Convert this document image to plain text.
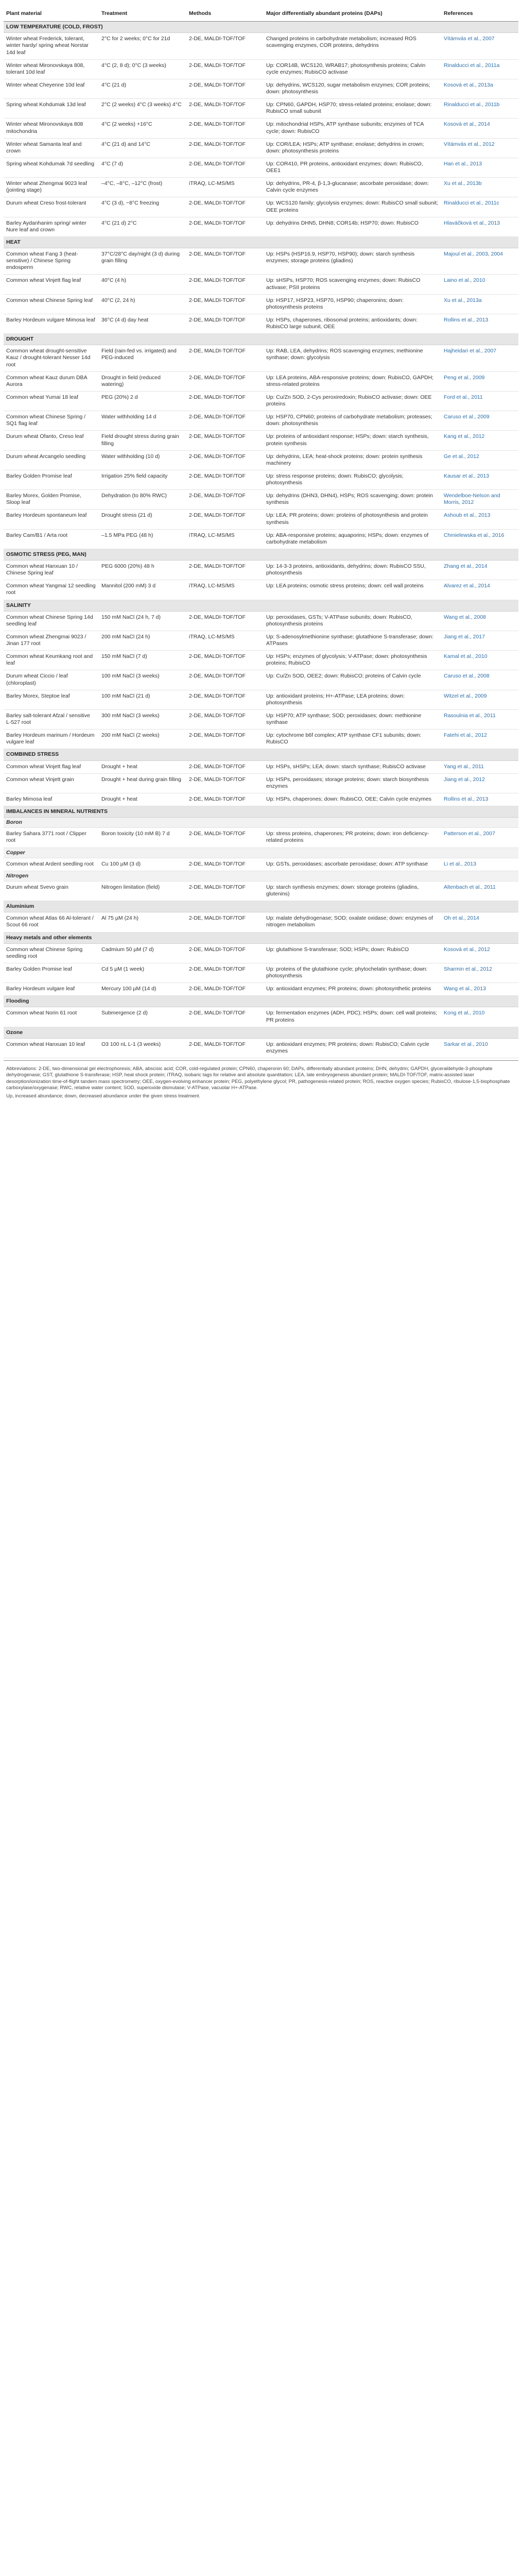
Plant material	Treatment	Methods	Major differentially abundant proteins (DAPs)	References
LOW TEMPERATURE (COLD, FROST)				
Winter wheat Frederick, tolerant, winter hardy/ spring wheat Norstar 14d leaf	2°C for 2 weeks; 0°C for 21d	2-DE, MALDI-TOF/TOF	Changed proteins in carbohydrate metabolism; increased ROS scavenging enzymes, COR proteins, dehydrins	Vítámvás et al., 2007
Winter wheat Mironovskaya 808, tolerant 10d leaf	4°C (2, 8 d); 0°C (3 weeks)	2-DE, MALDI-TOF/TOF	Up: COR14B, WCS120, WRAB17; photosynthesis proteins; Calvin cycle enzymes; RubisCO activase	Rinalducci et al., 2011a
Winter wheat Cheyenne 10d leaf	4°C (21 d)	2-DE, MALDI-TOF/TOF	Up: dehydrins, WCS120, sugar metabolism enzymes; COR proteins; down: photosynthesis	Kosová et al., 2013a
Spring wheat Kohdumak 13d leaf	2°C (2 weeks) 4°C (3 weeks) 4°C	2-DE, MALDI-TOF/TOF	Up: CPN60, GAPDH, HSP70; stress-related proteins; enolase; down: RubisCO small subunit	Rinalducci et al., 2011b
Winter wheat Mironovskaya 808 mitochondria	4°C (2 weeks) +16°C	2-DE, MALDI-TOF/TOF	Up: mitochondrial HSPs, ATP synthase subunits; enzymes of TCA cycle; down: RubisCO	Kosová et al., 2014
Winter wheat Samanta leaf and crown	4°C (21 d) and 14°C	2-DE, MALDI-TOF/TOF	Up: COR/LEA; HSPs; ATP synthase; enolase; dehydrins in crown; down: photosynthesis proteins	Vítámvás et al., 2012
Spring wheat Kohdumak 7d seedling	4°C (7 d)	2-DE, MALDI-TOF/TOF	Up: COR410, PR proteins, antioxidant enzymes; down: RubisCO, OEE1	Han et al., 2013
Winter wheat Zhengmai 9023 leaf (jointing stage)	–4°C, –8°C, –12°C (frost)	iTRAQ, LC-MS/MS	Up: dehydrins, PR-4, β-1,3-glucanase; ascorbate peroxidase; down: Calvin cycle enzymes	Xu et al., 2013b
Durum wheat Creso frost-tolerant	4°C (3 d), −8°C freezing	2-DE, MALDI-TOF/TOF	Up: WCS120 family; glycolysis enzymes; down: RubisCO small subunit; OEE proteins	Rinalducci et al., 2011c
Barley Aydanhanim spring/ winter Nure leaf and crown	4°C (21 d) 2°C	2-DE, MALDI-TOF/TOF	Up: dehydrins DHN5, DHN8; COR14b; HSP70; down: RubisCO	Hlaváčková et al., 2013
HEAT				
Common wheat Fang 3 (heat-sensitive) / Chinese Spring endosperm	37°C/28°C day/night (3 d) during grain filling	2-DE, MALDI-TOF/TOF	Up: HSPs (HSP16.9, HSP70, HSP90); down: starch synthesis enzymes; storage proteins (gliadins)	Majoul et al., 2003, 2004
Common wheat Vinjett flag leaf	40°C (4 h)	2-DE, MALDI-TOF/TOF	Up: sHSPs, HSP70; ROS scavenging enzymes; down: RubisCO activase; PSII proteins	Laino et al., 2010
Common wheat Chinese Spring leaf	40°C (2, 24 h)	2-DE, MALDI-TOF/TOF	Up: HSP17, HSP23, HSP70, HSP90; chaperonins; down: photosynthesis proteins	Xu et al., 2013a
Barley Hordeum vulgare Mimosa leaf	36°C (4 d) day heat	2-DE, MALDI-TOF/TOF	Up: HSPs, chaperones, ribosomal proteins; antioxidants; down: RubisCO large subunit, OEE	Rollins et al., 2013
DROUGHT				
Common wheat drought-sensitive Kauz / drought-tolerant Nesser 14d root	Field (rain-fed vs. irrigated) and PEG-induced	2-DE, MALDI-TOF/TOF	Up: RAB, LEA, dehydrins; ROS scavenging enzymes; methionine synthase; down: glycolysis	Hajheidari et al., 2007
Common wheat Kauz durum DBA Aurora	Drought in field (reduced watering)	2-DE, MALDI-TOF/TOF	Up: LEA proteins, ABA-responsive proteins; down: RubisCO, GAPDH; stress-related proteins	Peng et al., 2009
Common wheat Yumai 18 leaf	PEG (20%) 2 d	2-DE, MALDI-TOF/TOF	Up: Cu/Zn SOD, 2-Cys peroxiredoxin; RubisCO activase; down: OEE proteins	Ford et al., 2011
Common wheat Chinese Spring / SQ1 flag leaf	Water withholding 14 d	2-DE, MALDI-TOF/TOF	Up: HSP70, CPN60; proteins of carbohydrate metabolism; proteases; down: photosynthesis	Caruso et al., 2009
Durum wheat Ofanto, Creso leaf	Field drought stress during grain filling	2-DE, MALDI-TOF/TOF	Up: proteins of antioxidant response; HSPs; down: starch synthesis, protein synthesis	Kang et al., 2012
Durum wheat Arcangelo seedling	Water withholding (10 d)	2-DE, MALDI-TOF/TOF	Up: dehydrins, LEA; heat-shock proteins; down: protein synthesis machinery	Ge et al., 2012
Barley Golden Promise leaf	Irrigation 25% field capacity	2-DE, MALDI-TOF/TOF	Up: stress response proteins; down: RubisCO; glycolysis; photosynthesis	Kausar et al., 2013
Barley Morex, Golden Promise, Sloop leaf	Dehydration (to 80% RWC)	2-DE, MALDI-TOF/TOF	Up: dehydrins (DHN3, DHN4), HSPs; ROS scavenging; down: protein synthesis	Wendelboe-Nelson and Morris, 2012
Barley Hordeum spontaneum leaf	Drought stress (21 d)	2-DE, MALDI-TOF/TOF	Up: LEA; PR proteins; down: proteins of photosynthesis and protein synthesis	Ashoub et al., 2013
Barley Cam/B1 / Arta root	–1.5 MPa PEG (48 h)	iTRAQ, LC-MS/MS	Up: ABA-responsive proteins; aquaporins; HSPs; down: enzymes of carbohydrate metabolism	Chmielewska et al., 2016
OSMOTIC STRESS (PEG, MAN)				
Common wheat Hanxuan 10 / Chinese Spring leaf	PEG 6000 (20%) 48 h	2-DE, MALDI-TOF/TOF	Up: 14-3-3 proteins, antioxidants, dehydrins; down: RubisCO SSU, photosynthesis	Zhang et al., 2014
Common wheat Yangmai 12 seedling root	Mannitol (200 mM) 3 d	iTRAQ, LC-MS/MS	Up: LEA proteins; osmotic stress proteins; down: cell wall proteins	Alvarez et al., 2014
SALINITY				
Common wheat Chinese Spring 14d seedling leaf	150 mM NaCl (24 h, 7 d)	2-DE, MALDI-TOF/TOF	Up: peroxidases, GSTs; V-ATPase subunits; down: RubisCO, photosynthesis proteins	Wang et al., 2008
Common wheat Zhengmai 9023 / Jinan 177 root	200 mM NaCl (24 h)	iTRAQ, LC-MS/MS	Up: S-adenosylmethionine synthase; glutathione S-transferase; down: ATPases	Jiang et al., 2017
Common wheat Keumkang root and leaf	150 mM NaCl (7 d)	2-DE, MALDI-TOF/TOF	Up: HSPs; enzymes of glycolysis; V-ATPase; down: photosynthesis proteins; RubisCO	Kamal et al., 2010
Durum wheat Ciccio / leaf (chloroplast)	100 mM NaCl (3 weeks)	2-DE, MALDI-TOF/TOF	Up: Cu/Zn SOD, OEE2; down: RubisCO; proteins of Calvin cycle	Caruso et al., 2008
Barley Morex, Steptoe leaf	100 mM NaCl (21 d)	2-DE, MALDI-TOF/TOF	Up: antioxidant proteins; H+-ATPase; LEA proteins; down: photosynthesis	Witzel et al., 2009
Barley salt-tolerant Afzal / sensitive L-527 root	300 mM NaCl (3 weeks)	2-DE, MALDI-TOF/TOF	Up: HSP70; ATP synthase; SOD; peroxidases; down: methionine synthase	Rasoulnia et al., 2011
Barley Hordeum marinum / Hordeum vulgare leaf	200 mM NaCl (2 weeks)	2-DE, MALDI-TOF/TOF	Up: cytochrome b6f complex; ATP synthase CF1 subunits; down: RubisCO	Fatehi et al., 2012
COMBINED STRESS				
Common wheat Vinjett flag leaf	Drought + heat	2-DE, MALDI-TOF/TOF	Up: HSPs, sHSPs; LEA; down: starch synthase; RubisCO activase	Yang et al., 2011
Common wheat Vinjett grain	Drought + heat during grain filling	2-DE, MALDI-TOF/TOF	Up: HSPs, peroxidases; storage proteins; down: starch biosynthesis enzymes	Jiang et al., 2012
Barley Mimosa leaf	Drought + heat	2-DE, MALDI-TOF/TOF	Up: HSPs, chaperones; down: RubisCO, OEE; Calvin cycle enzymes	Rollins et al., 2013
IMBALANCES IN MINERAL NUTRIENTS				
Boron				
Barley Sahara 3771 root / Clipper root	Boron toxicity (10 mM B) 7 d	2-DE, MALDI-TOF/TOF	Up: stress proteins, chaperones; PR proteins; down: iron deficiency-related proteins	Patterson et al., 2007
Copper				
Common wheat Ardent seedling root	Cu 100 µM (3 d)	2-DE, MALDI-TOF/TOF	Up: GSTs, peroxidases; ascorbate peroxidase; down: ATP synthase	Li et al., 2013
Nitrogen				
Durum wheat Svevo grain	Nitrogen limitation (field)	2-DE, MALDI-TOF/TOF	Up: starch synthesis enzymes; down: storage proteins (gliadins, glutenins)	Altenbach et al., 2011
Aluminium				
Common wheat Atlas 66 Al-tolerant / Scout 66 root	Al 75 µM (24 h)	2-DE, MALDI-TOF/TOF	Up: malate dehydrogenase; SOD; oxalate oxidase; down: enzymes of nitrogen metabolism	Oh et al., 2014
Heavy metals and other elements				
Common wheat Chinese Spring seedling root	Cadmium 50 µM (7 d)	2-DE, MALDI-TOF/TOF	Up: glutathione S-transferase; SOD; HSPs; down: RubisCO	Kosová et al., 2012
Barley Golden Promise leaf	Cd 5 µM (1 week)	2-DE, MALDI-TOF/TOF	Up: proteins of the glutathione cycle; phytochelatin synthase; down: photosynthesis	Sharmin et al., 2012
Barley Hordeum vulgare leaf	Mercury 100 µM (14 d)	2-DE, MALDI-TOF/TOF	Up: antioxidant enzymes; PR proteins; down: photosynthetic proteins	Wang et al., 2013
Flooding				
Common wheat Norin 61 root	Submergence (2 d)	2-DE, MALDI-TOF/TOF	Up: fermentation enzymes (ADH, PDC); HSPs; down: cell wall proteins; PR proteins	Kong et al., 2010
Ozone				
Common wheat Hanxuan 10 leaf	O3 100 nL L-1 (3 weeks)	2-DE, MALDI-TOF/TOF	Up: antioxidant enzymes; PR proteins; down: RubisCO; Calvin cycle enzymes	Sarkar et al., 2010

Abbreviations: 2-DE, two-dimensional gel electrophoresis; ABA, abscisic acid; COR, cold-regulated protein; CPN60, chaperonin 60; DAPs, differentially abundant proteins; DHN, dehydrin; GAPDH, glyceraldehyde-3-phosphate dehydrogenase; GST, glutathione S-transferase; HSP, heat shock protein; iTRAQ, isobaric tags for relative and absolute quantitation; LEA, late embryogenesis abundant protein; MALDI-TOF/TOF, matrix-assisted laser desorption/ionization time-of-flight tandem mass spectrometry; OEE, oxygen-evolving enhancer protein; PEG, polyethylene glycol; PR, pathogenesis-related protein; ROS, reactive oxygen species; RubisCO, ribulose-1,5-bisphosphate carboxylase/oxygenase; RWC, relative water content; SOD, superoxide dismutase; V-ATPase, vacuolar H+-ATPase.

Up, increased abundance; down, decreased abundance under the given stress treatment.
